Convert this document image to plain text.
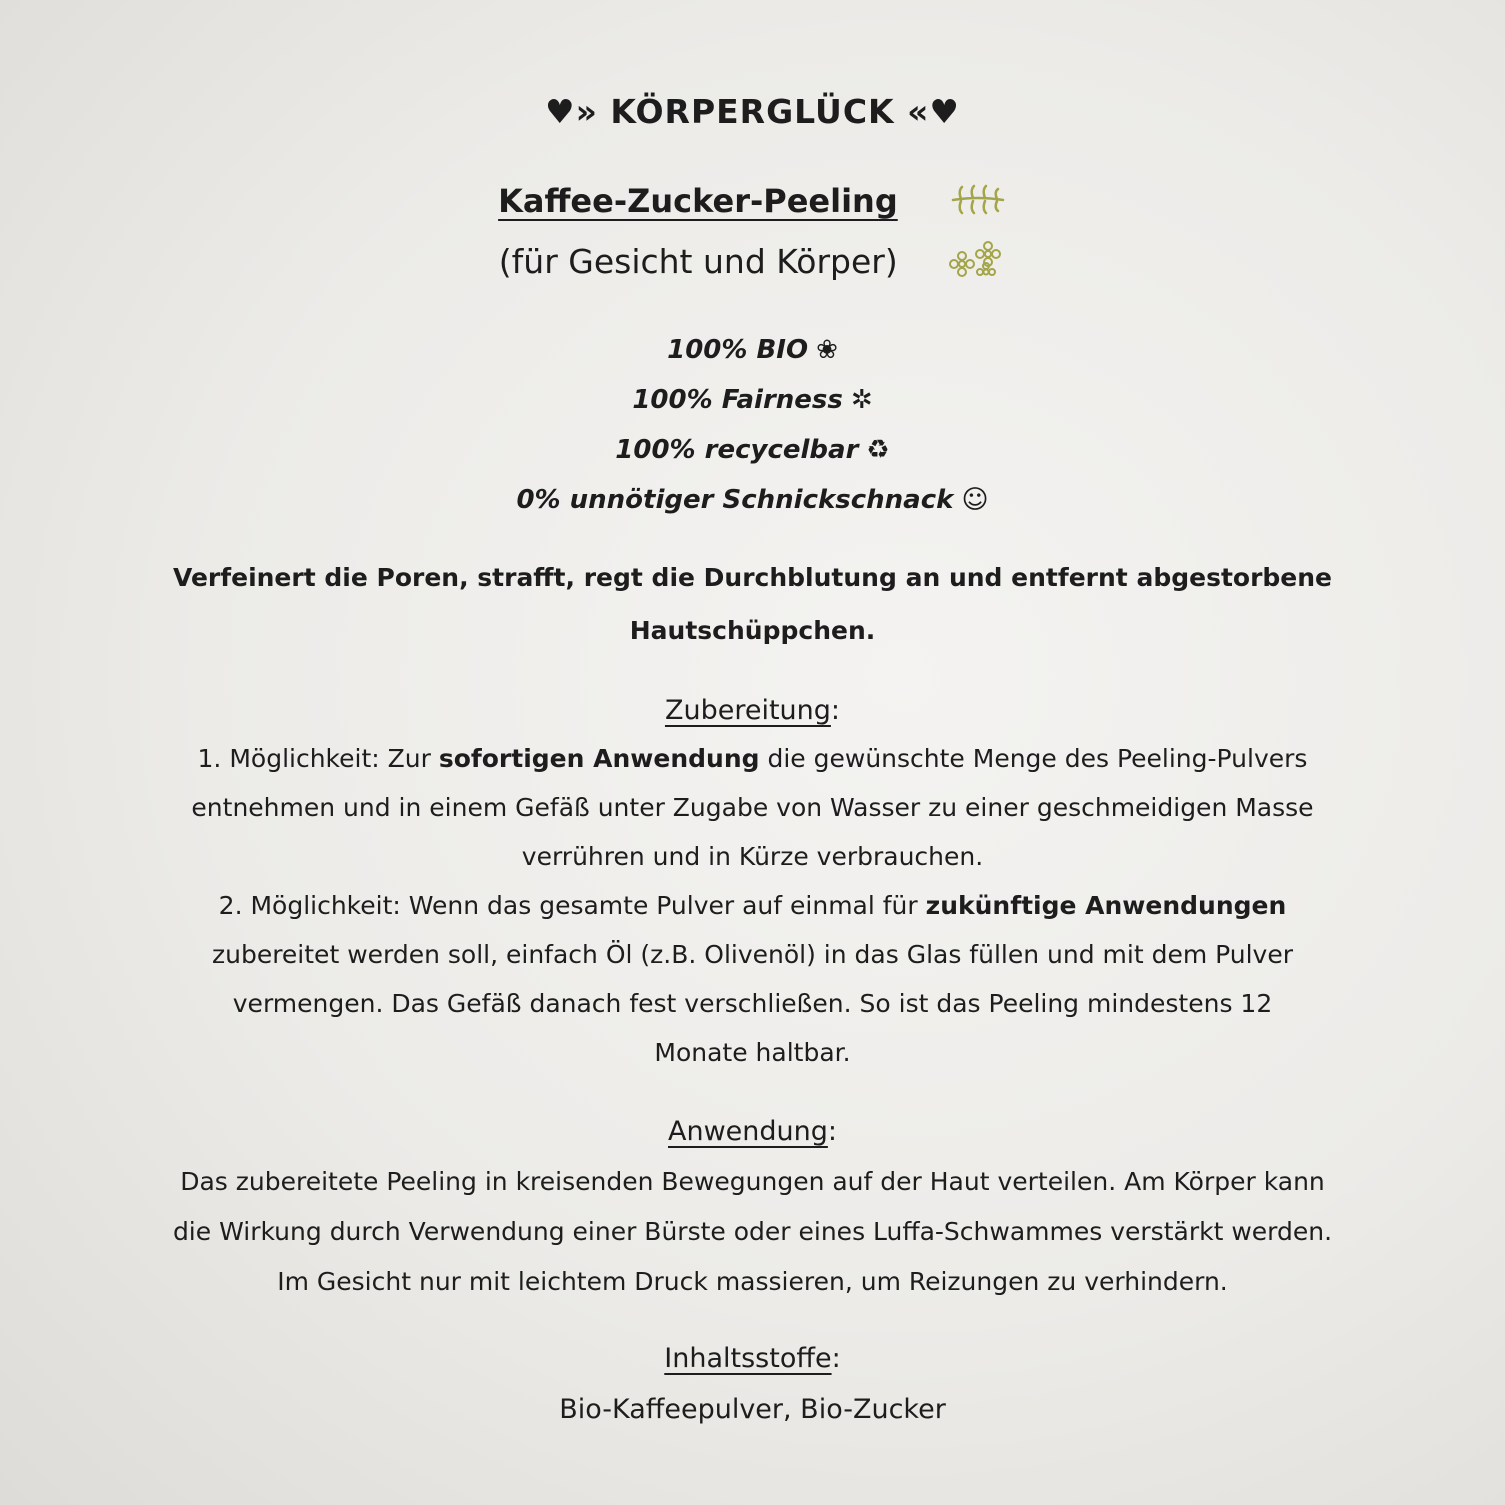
♥» KÖRPERGLÜCK «♥
Kaffee-Zucker-Peeling
(für Gesicht und Körper)
100% BIO ❀
100% Fairness ✲
100% recycelbar ♻
0% unnötiger Schnickschnack ☺
Verfeinert die Poren, strafft, regt die Durchblutung an und entfernt abgestorbene
Hautschüppchen.
Zubereitung:
1. Möglichkeit: Zur sofortigen Anwendung die gewünschte Menge des Peeling-Pulvers
entnehmen und in einem Gefäß unter Zugabe von Wasser zu einer geschmeidigen Masse
verrühren und in Kürze verbrauchen.
2. Möglichkeit: Wenn das gesamte Pulver auf einmal für zukünftige Anwendungen
zubereitet werden soll, einfach Öl (z.B. Olivenöl) in das Glas füllen und mit dem Pulver
vermengen. Das Gefäß danach fest verschließen. So ist das Peeling mindestens 12
Monate haltbar.
Anwendung:
Das zubereitete Peeling in kreisenden Bewegungen auf der Haut verteilen. Am Körper kann
die Wirkung durch Verwendung einer Bürste oder eines Luffa-Schwammes verstärkt werden.
Im Gesicht nur mit leichtem Druck massieren, um Reizungen zu verhindern.
Inhaltsstoffe:
Bio-Kaffeepulver, Bio-Zucker
